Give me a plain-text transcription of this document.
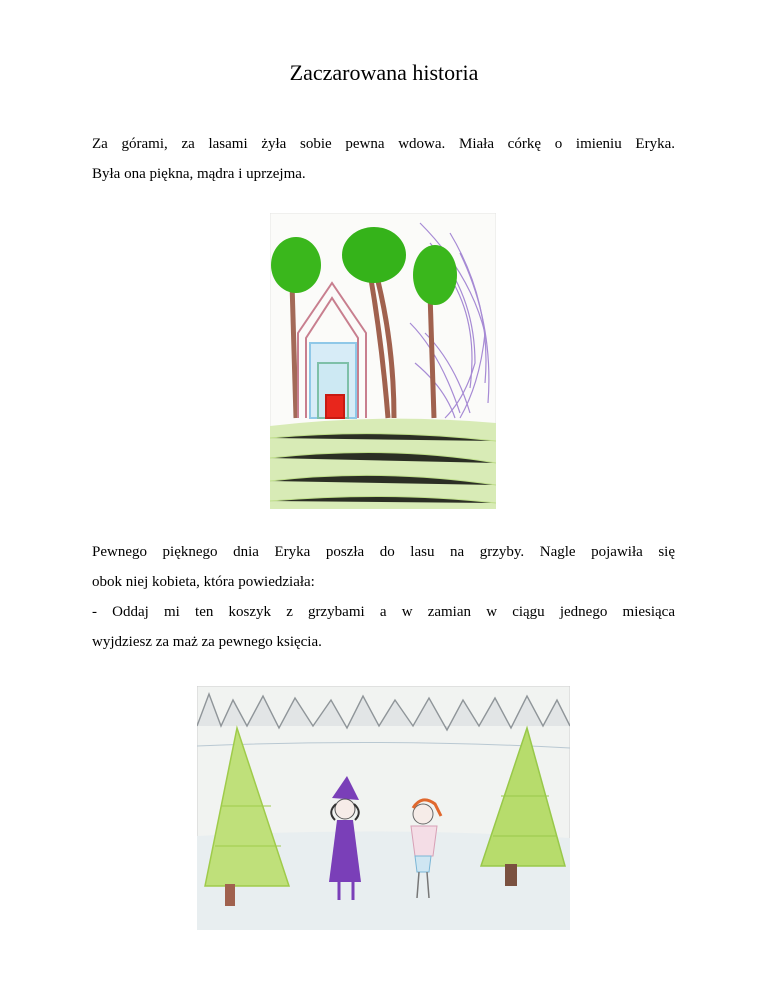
Zaczarowana historia
Za górami, za lasami żyła sobie pewna wdowa. Miała córkę o imieniu Eryka.
Była ona piękna, mądra i uprzejma.
Pewnego pięknego dnia Eryka poszła do lasu na grzyby. Nagle pojawiła się
obok niej kobieta, która powiedziała:
- Oddaj mi ten koszyk z grzybami a w zamian w ciągu jednego miesiąca
wyjdziesz za maż za pewnego księcia.
